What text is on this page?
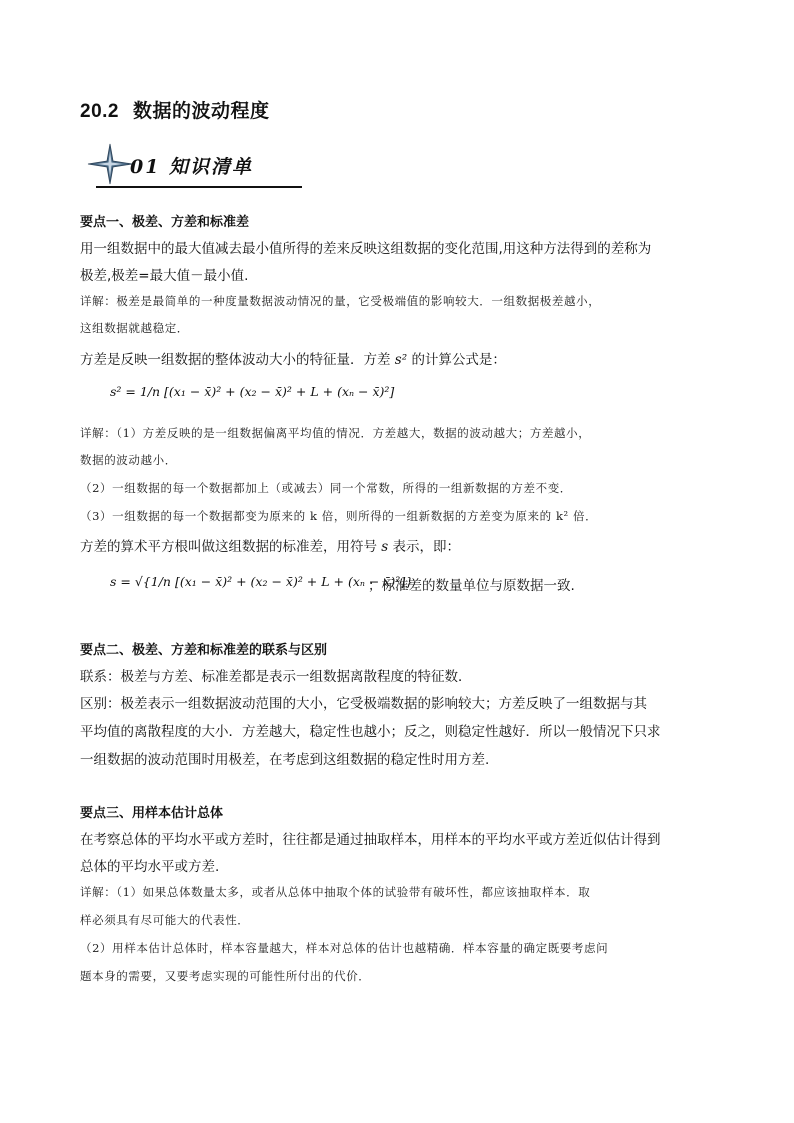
20.2 数据的波动程度
01 知识清单
要点一、极差、方差和标准差
用一组数据中的最大值减去最小值所得的差来反映这组数据的变化范围,用这种方法得到的差称为
极差,极差=最大值－最小值.
详解：极差是最简单的一种度量数据波动情况的量，它受极端值的影响较大．一组数据极差越小，
这组数据就越稳定．
方差是反映一组数据的整体波动大小的特征量．方差 s² 的计算公式是：
s² = 1/n [(x₁ − x̄)² + (x₂ − x̄)² + L + (xₙ − x̄)²]
详解：（1）方差反映的是一组数据偏离平均值的情况．方差越大，数据的波动越大；方差越小，
数据的波动越小．
（2）一组数据的每一个数据都加上（或减去）同一个常数，所得的一组新数据的方差不变．
（3）一组数据的每一个数据都变为原来的 k 倍，则所得的一组新数据的方差变为原来的 k² 倍．
方差的算术平方根叫做这组数据的标准差，用符号 s 表示，即：
s = √{1/n [(x₁ − x̄)² + (x₂ − x̄)² + L + (xₙ − x̄)²]}
；标准差的数量单位与原数据一致.
要点二、极差、方差和标准差的联系与区别
联系：极差与方差、标准差都是表示一组数据离散程度的特征数．
区别：极差表示一组数据波动范围的大小，它受极端数据的影响较大；方差反映了一组数据与其
平均值的离散程度的大小．方差越大，稳定性也越小；反之，则稳定性越好．所以一般情况下只求
一组数据的波动范围时用极差，在考虑到这组数据的稳定性时用方差.
要点三、用样本估计总体
在考察总体的平均水平或方差时，往往都是通过抽取样本，用样本的平均水平或方差近似估计得到
总体的平均水平或方差.
详解：（1）如果总体数量太多，或者从总体中抽取个体的试验带有破坏性，都应该抽取样本．取
样必须具有尽可能大的代表性．
（2）用样本估计总体时，样本容量越大，样本对总体的估计也越精确．样本容量的确定既要考虑问
题本身的需要，又要考虑实现的可能性所付出的代价．
